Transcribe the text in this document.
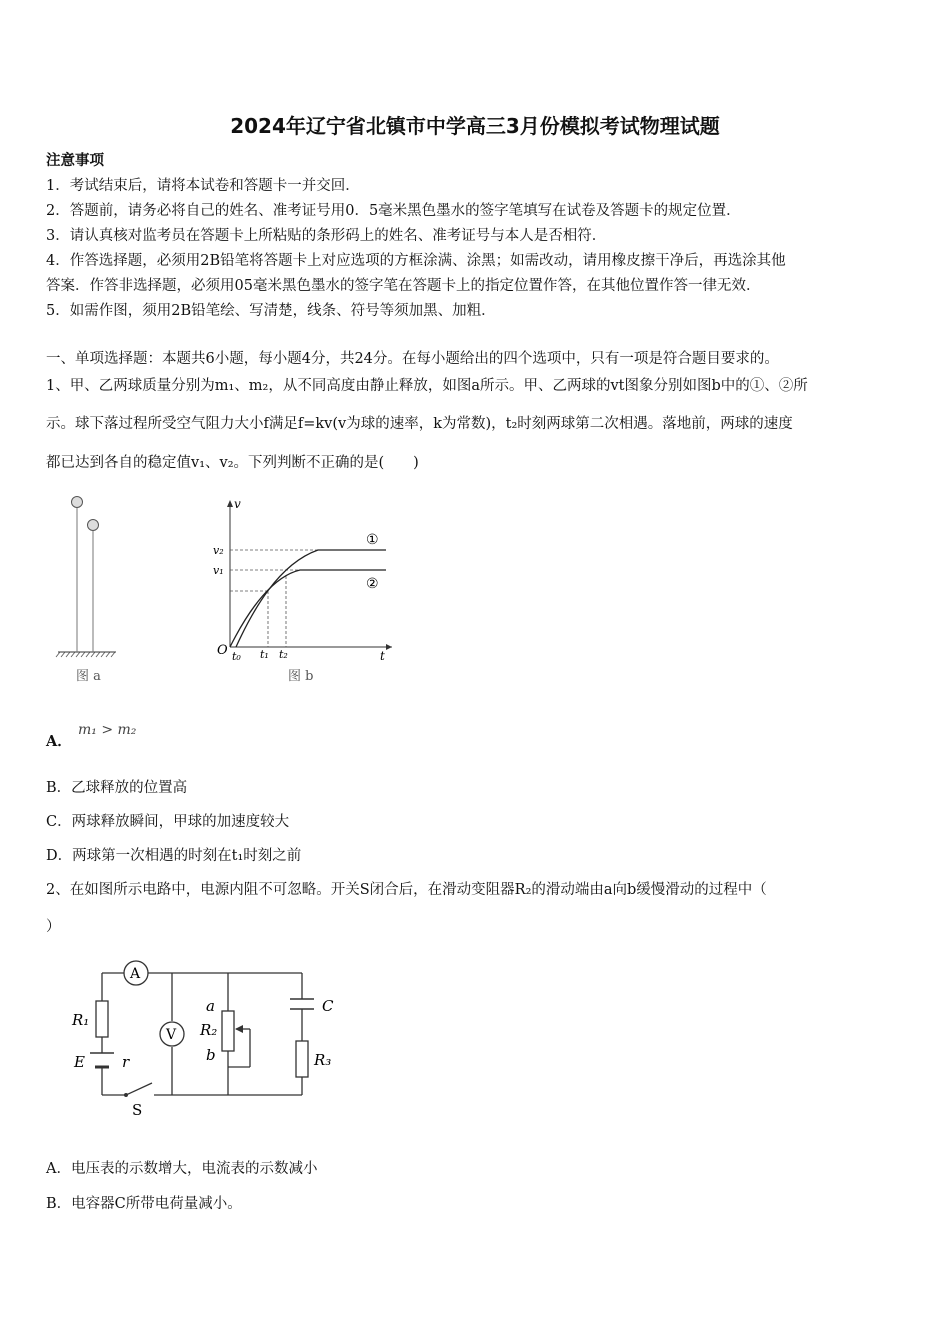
2024年辽宁省北镇市中学高三3月份模拟考试物理试题
注意事项
1．考试结束后，请将本试卷和答题卡一并交回．
2．答题前，请务必将自己的姓名、准考证号用0．5毫米黑色墨水的签字笔填写在试卷及答题卡的规定位置．
3．请认真核对监考员在答题卡上所粘贴的条形码上的姓名、准考证号与本人是否相符．
4．作答选择题，必须用2B铅笔将答题卡上对应选项的方框涂满、涂黑；如需改动，请用橡皮擦干净后，再选涂其他
答案．作答非选择题，必须用05毫米黑色墨水的签字笔在答题卡上的指定位置作答，在其他位置作答一律无效．
5．如需作图，须用2B铅笔绘、写清楚，线条、符号等须加黑、加粗．
一、单项选择题：本题共6小题，每小题4分，共24分。在每小题给出的四个选项中，只有一项是符合题目要求的。
1、甲、乙两球质量分别为m₁、m₂，从不同高度由静止释放，如图a所示。甲、乙两球的vt图象分别如图b中的①、②所
示。球下落过程所受空气阻力大小f满足f=kv(v为球的速率，k为常数)，t₂时刻两球第二次相遇。落地前，两球的速度
都已达到各自的稳定值v₁、v₂。下列判断不正确的是(　　)
图 a
v
t
O
v₂
v₁
t₀ t₁ t₂
①
②
图 b
A．
m₁ > m₂
B．乙球释放的位置高
C．两球释放瞬间，甲球的加速度较大
D．两球第一次相遇的时刻在t₁时刻之前
2、在如图所示电路中，电源内阻不可忽略。开关S闭合后，在滑动变阻器R₂的滑动端由a向b缓慢滑动的过程中（
）
A
R₁
E r
S
V
a
R₂
b
C
R₃
A．电压表的示数增大，电流表的示数减小
B．电容器C所带电荷量减小。
